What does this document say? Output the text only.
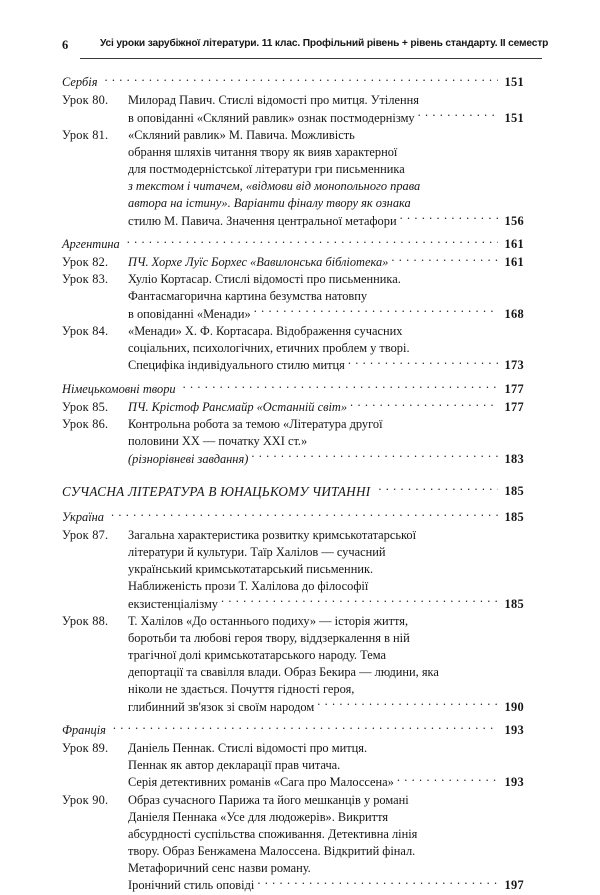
6	Усі уроки зарубіжної літератури. 11 клас. Профільний рівень + рівень стандарту. ІІ семестр
Сербія . . .	151
Урок 80.	Милорад Павич. Стислі відомості про митця. Утілення
в оповіданні «Скляний равлик» ознак постмодернізму . . .	151
Урок 81.	«Скляний равлик» М. Павича. Можливість
обрання шляхів читання твору як вияв характерної
для постмодерністської літератури гри письменника
з текстом і читачем, «відмови від монопольного права
автора на істину». Варіанти фіналу твору як ознака
стилю М. Павича. Значення центральної метафори . . .	156
Аргентина . . .	161
Урок 82.	ПЧ. Хорхе Луїс Борхес «Вавилонська бібліотека» . . .	161
Урок 83.	Хуліо Кортасар. Стислі відомості про письменника.
Фантасмагорична картина безумства натовпу
в оповіданні «Менади» . . .	168
Урок 84.	«Менади» Х. Ф. Кортасара. Відображення сучасних
соціальних, психологічних, етичних проблем у творі.
Специфіка індивідуального стилю митця . . .	173
Німецькомовні твори . . .	177
Урок 85.	ПЧ. Крістоф Рансмайр «Останній світ» . . .	177
Урок 86.	Контрольна робота за темою «Література другої
половини XX — початку XXI ст.»
(різнорівневі завдання) . . .	183
СУЧАСНА ЛІТЕРАТУРА В ЮНАЦЬКОМУ ЧИТАННІ . . .	185
Україна . . .	185
Урок 87.	Загальна характеристика розвитку кримськотатарської
літератури й культури. Таїр Халілов — сучасний
український кримськотатарський письменник.
Наближеність прози Т. Халілова до філософії
екзистенціалізму . . .	185
Урок 88.	Т. Халілов «До останнього подиху» — історія життя,
боротьби та любові героя твору, віддзеркалення в ній
трагічної долі кримськотатарського народу. Тема
депортації та свавілля влади. Образ Бекира — людини, яка
ніколи не здається. Почуття гідності героя,
глибинний зв'язок зі своїм народом . . .	190
Франція . . .	193
Урок 89.	Даніель Пеннак. Стислі відомості про митця.
Пеннак як автор декларації прав читача.
Серія детективних романів «Сага про Малоссена» . . .	193
Урок 90.	Образ сучасного Парижа та його мешканців у романі
Даніеля Пеннака «Усе для людожерів». Викриття
абсурдності суспільства споживання. Детективна лінія
твору. Образ Бенжамена Малоссена. Відкритий фінал.
Метафоричний сенс назви роману.
Іронічний стиль оповіді . . .	197
